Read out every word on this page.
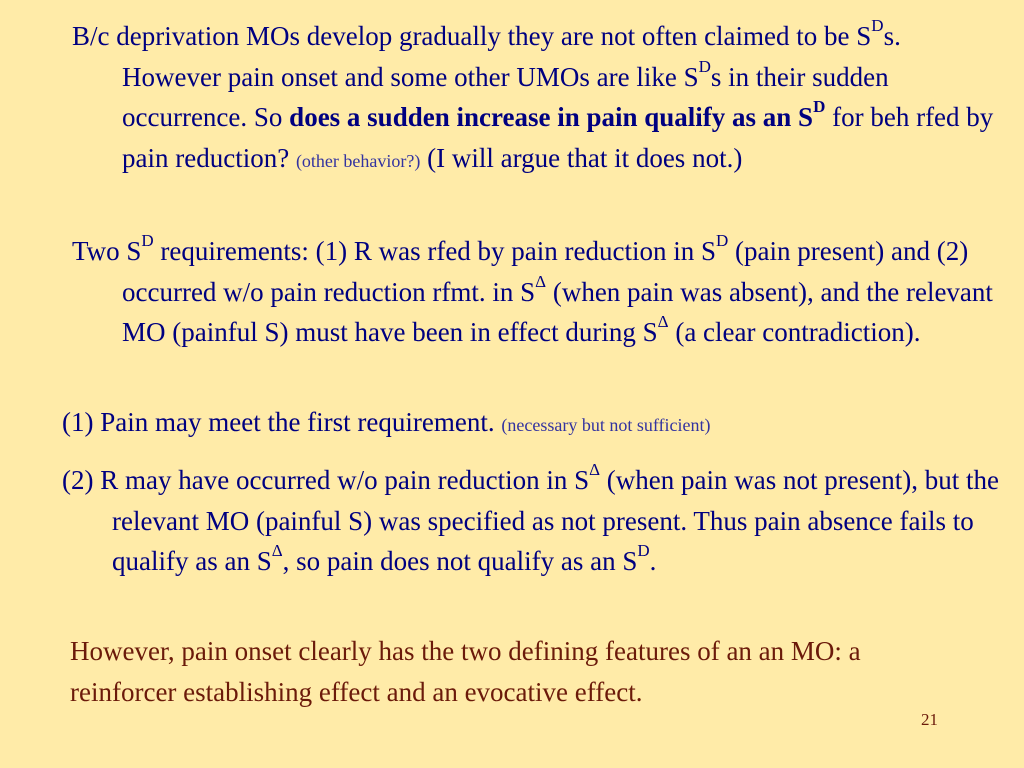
B/c deprivation MOs develop gradually they are not often claimed to be $S^Ds$. However pain onset and some other UMOs are like $S^Ds$ in their sudden occurrence. So does a sudden increase in pain qualify as an $S^D$ for beh rfed by pain reduction? (other behavior?) (I will argue that it does not.)

Two $S^D$ requirements: (1) R was rfed by pain reduction in $S^D$ (pain present) and (2) occurred w/o pain reduction rfmt. in $S^\Delta$ (when pain was absent), and the relevant MO (painful S) must have been in effect during $S^\Delta$ (a clear contradiction).

(1) Pain may meet the first requirement. (necessary but not sufficient)

(2) R may have occurred w/o pain reduction in $S^\Delta$ (when pain was not present), but the relevant MO (painful S) was specified as not present. Thus pain absence fails to qualify as an $S^\Delta$, so pain does not qualify as an $S^D$.

However, pain onset clearly has the two defining features of an an MO: a reinforcer establishing effect and an evocative effect.

21
